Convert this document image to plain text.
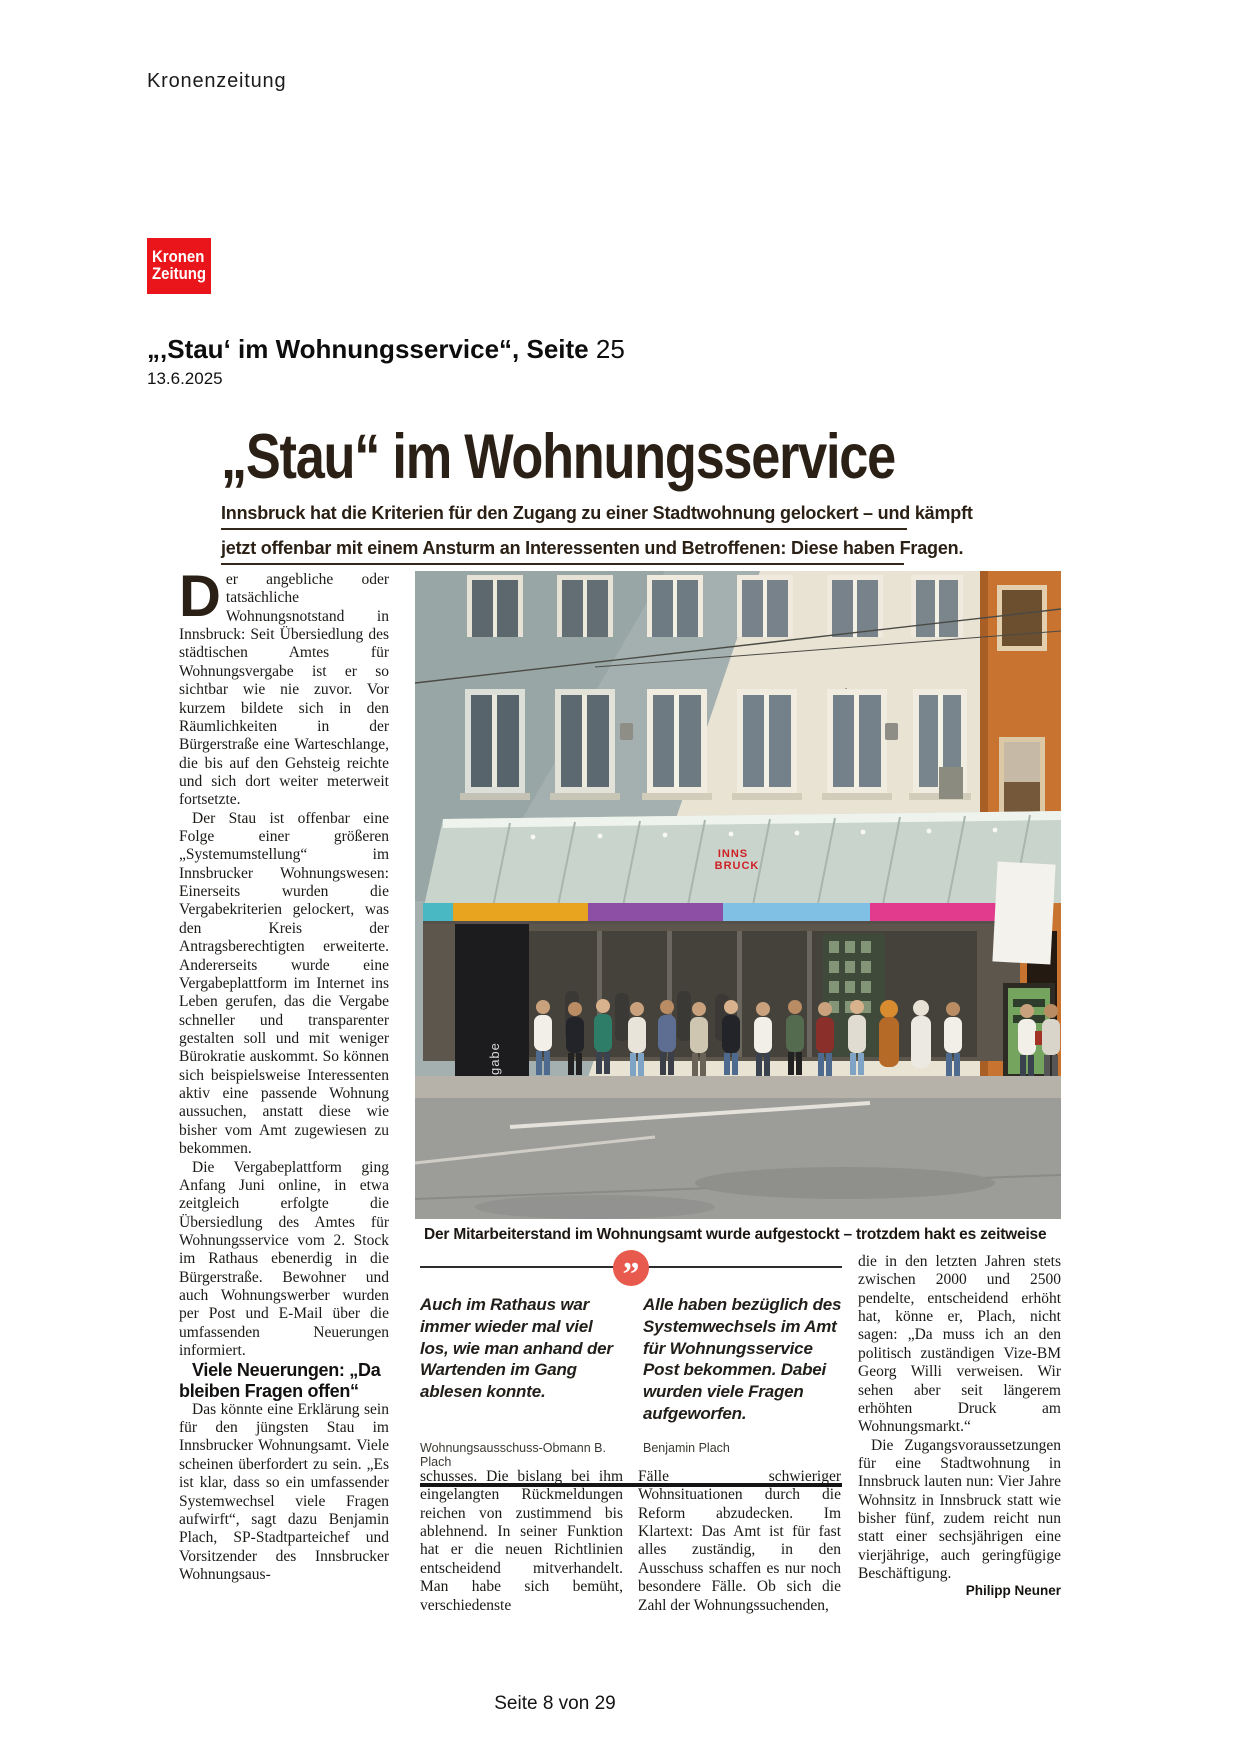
Kronenzeitung
Kronen
Zeitung
„‚Stau‘ im Wohnungsservice“, Seite 25
13.6.2025
„Stau“ im Wohnungsservice
Innsbruck hat die Kriterien für den Zugang zu einer Stadtwohnung gelockert – und kämpft
jetzt offenbar mit einem Ansturm an Interessenten und Betroffenen: Diese haben Fragen.

Der angebliche oder tatsächliche Wohnungsnotstand in Innsbruck: Seit Übersiedlung des städtischen Amtes für Wohnungsvergabe ist er so sichtbar wie nie zuvor. Vor kurzem bildete sich in den Räumlichkeiten in der Bürgerstraße eine Warteschlange, die bis auf den Gehsteig reichte und sich dort weiter meterweit fortsetzte.

Der Stau ist offenbar eine Folge einer größeren „Systemumstellung“ im Innsbrucker Wohnungswesen: Einerseits wurden die Vergabekriterien gelockert, was den Kreis der Antragsberechtigten erweiterte. Andererseits wurde eine Vergabeplattform im Internet ins Leben gerufen, das die Vergabe schneller und transparenter gestalten soll und mit weniger Bürokratie auskommt. So können sich beispielsweise Interessenten aktiv eine passende Wohnung aussuchen, anstatt diese wie bisher vom Amt zugewiesen zu bekommen.

Die Vergabeplattform ging Anfang Juni online, in etwa zeitgleich erfolgte die Übersiedlung des Amtes für Wohnungsservice vom 2. Stock im Rathaus ebenerdig in die Bürgerstraße. Bewohner und auch Wohnungswerber wurden per Post und E-Mail über die umfassenden Neuerungen informiert.

Viele Neuerungen: „Da bleiben Fragen offen“

Das könnte eine Erklärung sein für den jüngsten Stau im Innsbrucker Wohnungsamt. Viele scheinen überfordert zu sein. „Es ist klar, dass so ein umfassender Systemwechsel viele Fragen aufwirft“, sagt dazu Benjamin Plach, SP-Stadtparteichef und Vorsitzender des Innsbrucker Wohnungsaus-

INNS
BRUCK
Der Mitarbeiterstand im Wohnungsamt wurde aufgestockt – trotzdem hakt es zeitweise
”
Auch im Rathaus war immer wieder mal viel los, wie man anhand der Wartenden im Gang ablesen konnte.
Alle haben bezüglich des Systemwechsels im Amt für Wohnungsservice Post bekommen. Dabei wurden viele Fragen aufgeworfen.
Wohnungsausschuss-Obmann B. Plach
Benjamin Plach

schusses. Die bislang bei ihm eingelangten Rückmeldungen reichen von zustimmend bis ablehnend. In seiner Funktion hat er die neuen Richtlinien entscheidend mitverhandelt. Man habe sich bemüht, verschiedenste

Fälle schwieriger Wohnsituationen durch die Reform abzudecken. Im Klartext: Das Amt ist für fast alles zuständig, in den Ausschuss schaffen es nur noch besondere Fälle. Ob sich die Zahl der Wohnungssuchenden,

die in den letzten Jahren stets zwischen 2000 und 2500 pendelte, entscheidend erhöht hat, könne er, Plach, nicht sagen: „Da muss ich an den politisch zuständigen Vize-BM Georg Willi verweisen. Wir sehen aber seit längerem erhöhten Druck am Wohnungsmarkt.“

Die Zugangsvoraussetzungen für eine Stadtwohnung in Innsbruck lauten nun: Vier Jahre Wohnsitz in Innsbruck statt wie bisher fünf, zudem reicht nun statt einer sechsjährigen eine vierjährige, auch geringfügige Beschäftigung.

Philipp Neuner

Seite 8 von 29
